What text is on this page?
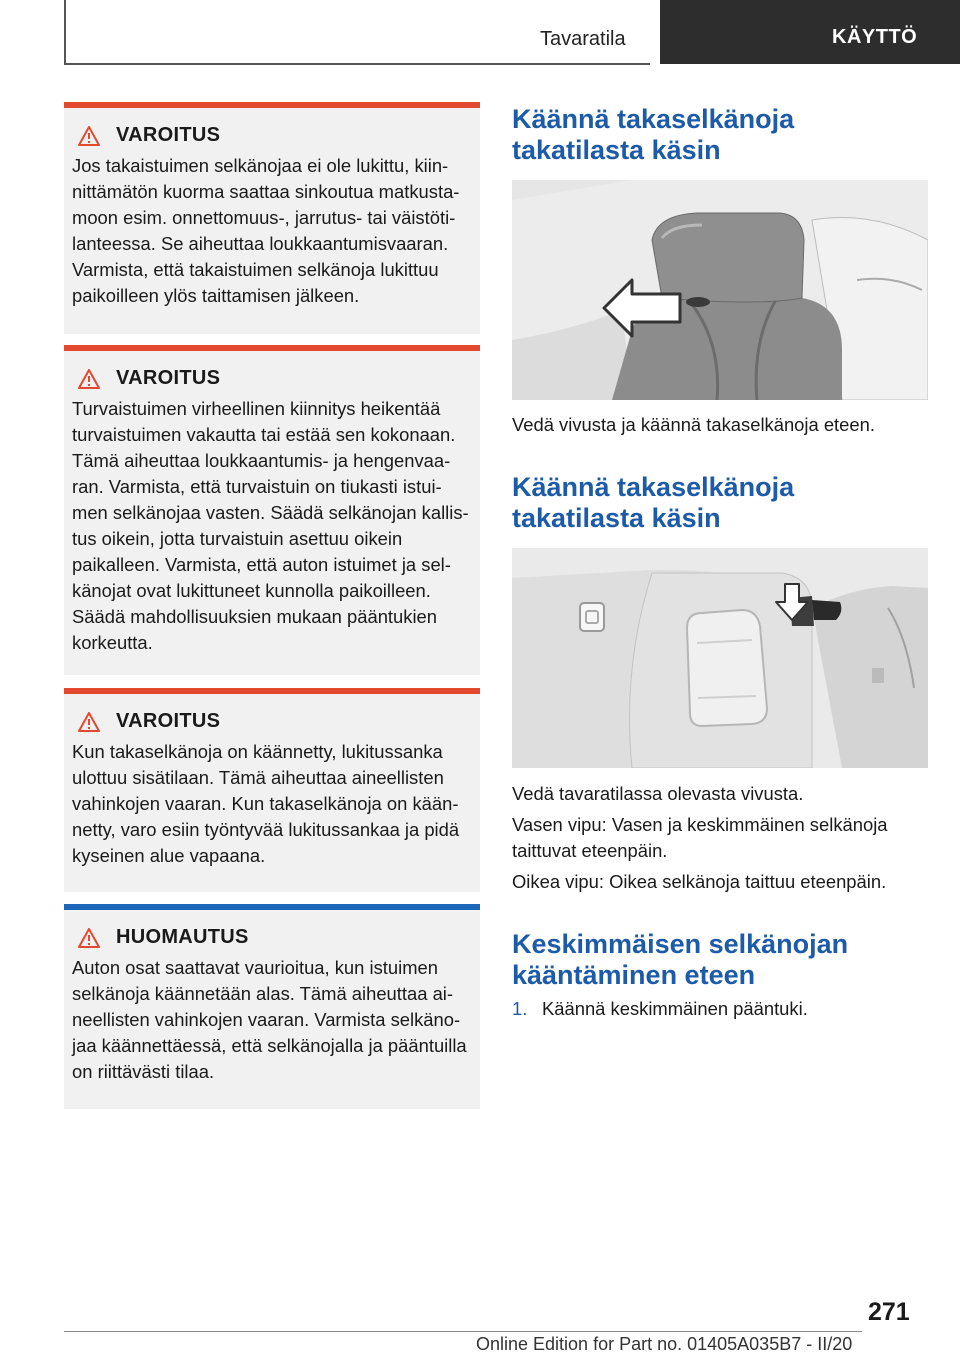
Tavaratila	KÄYTTÖ
VAROITUS

Jos takaistuimen selkänojaa ei ole lukittu, kiin-nittämätön kuorma saattaa sinkoutua matkusta-moon esim. onnettomuus-, jarrutus- tai väistöti-lanteessa. Se aiheuttaa loukkaantumisvaaran. Varmista, että takaistuimen selkänoja lukittuu paikoilleen ylös taittamisen jälkeen.

VAROITUS

Turvaistuimen virheellinen kiinnitys heikentää turvaistuimen vakautta tai estää sen kokonaan. Tämä aiheuttaa loukkaantumis- ja hengenvaa-ran. Varmista, että turvaistuin on tiukasti istui-men selkänojaa vasten. Säädä selkänojan kallis-tus oikein, jotta turvaistuin asettuu oikein paikalleen. Varmista, että auton istuimet ja sel-känojat ovat lukittuneet kunnolla paikoilleen. Säädä mahdollisuuksien mukaan pääntukien korkeutta.

VAROITUS

Kun takaselkänoja on käännetty, lukitussanka ulottuu sisätilaan. Tämä aiheuttaa aineellisten vahinkojen vaaran. Kun takaselkänoja on kään-netty, varo esiin työntyvää lukitussankaa ja pidä kyseinen alue vapaana.

HUOMAUTUS

Auton osat saattavat vaurioitua, kun istuimen selkänoja käännetään alas. Tämä aiheuttaa ai-neellisten vahinkojen vaaran. Varmista selkäno-jaa käännettäessä, että selkänojalla ja pääntuilla on riittävästi tilaa.

Käännä takaselkänoja takatilasta käsin
Vedä vivusta ja käännä takaselkänoja eteen.
Käännä takaselkänoja takatilasta käsin
Vedä tavaratilassa olevasta vivusta.
Vasen vipu: Vasen ja keskimmäinen selkänoja taittuvat eteenpäin.
Oikea vipu: Oikea selkänoja taittuu eteenpäin.
Keskimmäisen selkänojan kääntäminen eteen
1. Käännä keskimmäinen pääntuki.
271
Online Edition for Part no. 01405A035B7 - II/20
